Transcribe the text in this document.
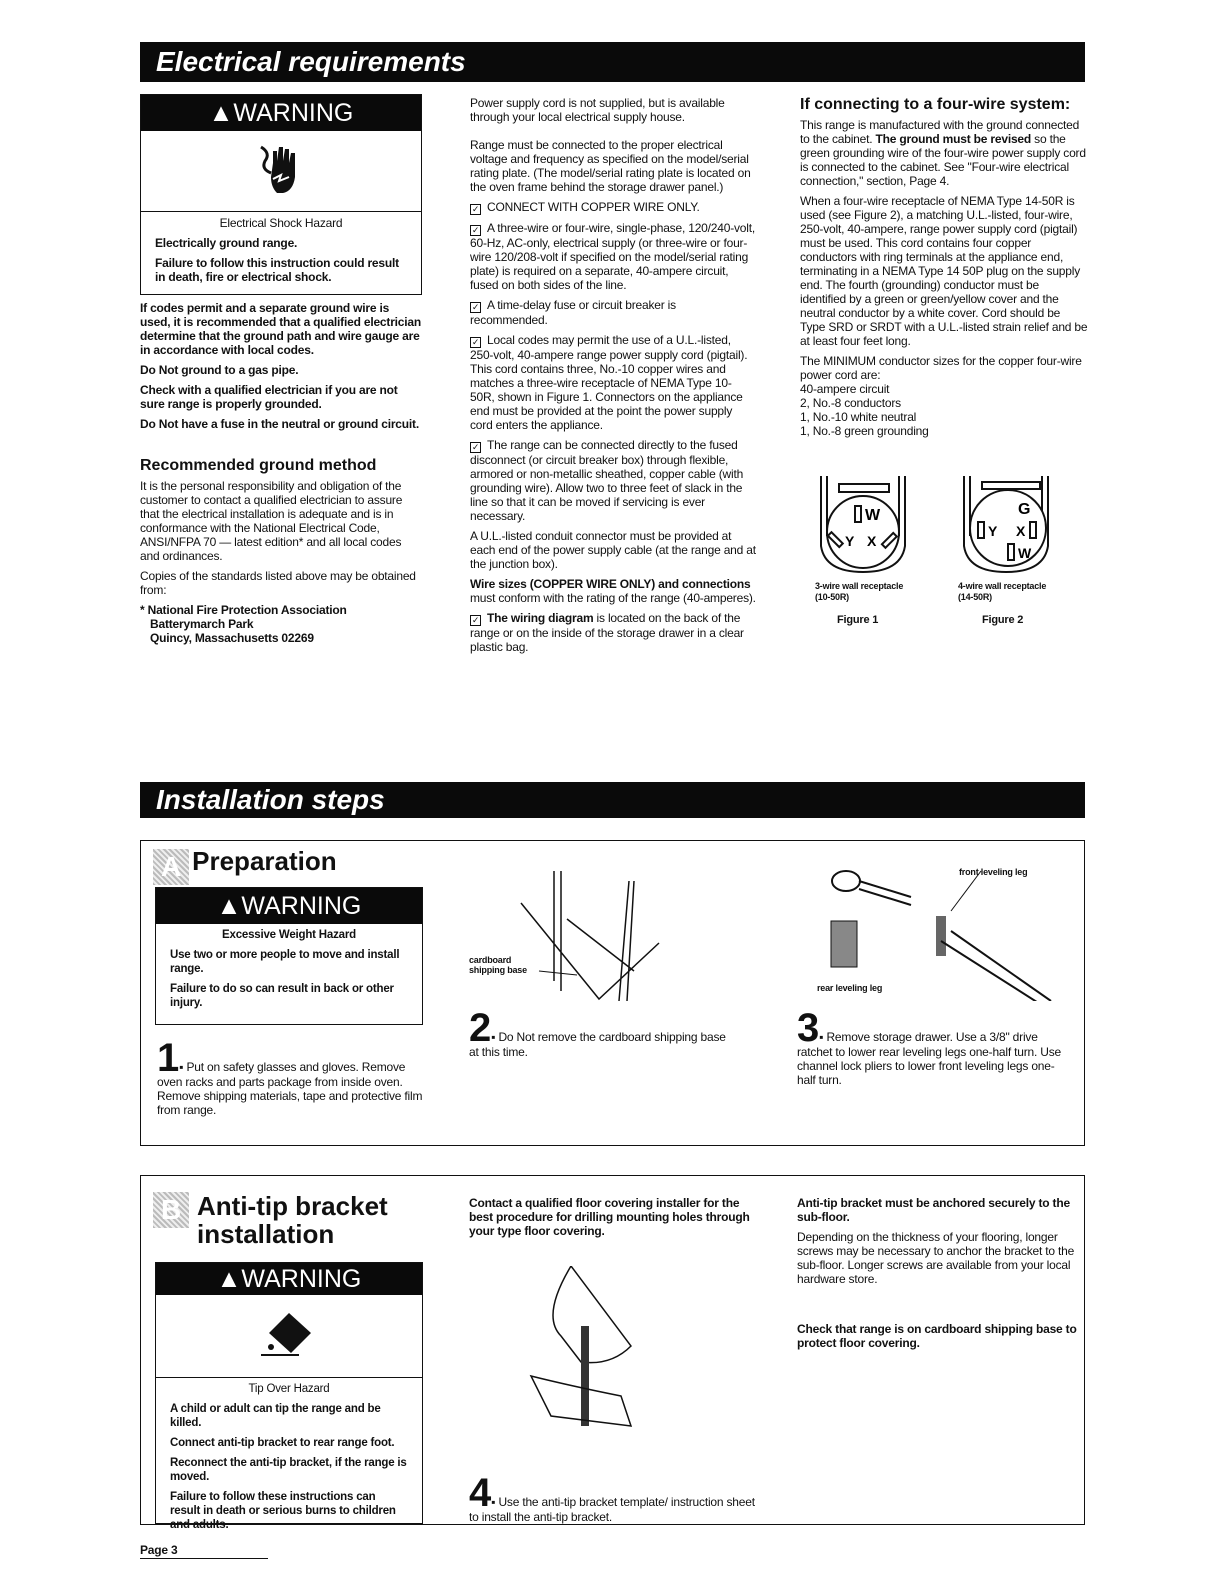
Electrical requirements
▲WARNING

Electrical Shock Hazard

Electrically ground range.

Failure to follow this instruction could result in death, fire or electrical shock.

If codes permit and a separate ground wire is used, it is recommended that a qualified electrician determine that the ground path and wire gauge are in accordance with local codes.

Do Not ground to a gas pipe.

Check with a qualified electrician if you are not sure range is properly grounded.

Do Not have a fuse in the neutral or ground circuit.

Recommended ground method

It is the personal responsibility and obligation of the customer to contact a qualified electrician to assure that the electrical installation is adequate and is in conformance with the National Electrical Code, ANSI/NFPA 70 — latest edition* and all local codes and ordinances.

Copies of the standards listed above may be obtained from:

* National Fire Protection Association
Batterymarch Park
Quincy, Massachusetts 02269

Power supply cord is not supplied, but is available through your local electrical supply house.

Range must be connected to the proper electrical voltage and frequency as specified on the model/serial rating plate. (The model/serial rating plate is located on the oven frame behind the storage drawer panel.)

✓ CONNECT WITH COPPER WIRE ONLY.

✓ A three-wire or four-wire, single-phase, 120/240-volt, 60-Hz, AC-only, electrical supply (or three-wire or four-wire 120/208-volt if specified on the model/serial rating plate) is required on a separate, 40-ampere circuit, fused on both sides of the line.

✓ A time-delay fuse or circuit breaker is recommended.

✓ Local codes may permit the use of a U.L.-listed, 250-volt, 40-ampere range power supply cord (pigtail). This cord contains three, No.-10 copper wires and matches a three-wire receptacle of NEMA Type 10-50R, shown in Figure 1. Connectors on the appliance end must be provided at the point the power supply cord enters the appliance.

✓ The range can be connected directly to the fused disconnect (or circuit breaker box) through flexible, armored or non-metallic sheathed, copper cable (with grounding wire). Allow two to three feet of slack in the line so that it can be moved if servicing is ever necessary.

A U.L.-listed conduit connector must be provided at each end of the power supply cable (at the range and at the junction box).

Wire sizes (COPPER WIRE ONLY) and connections must conform with the rating of the range (40-amperes).

✓ The wiring diagram is located on the back of the range or on the inside of the storage drawer in a clear plastic bag.

If connecting to a four-wire system:

This range is manufactured with the ground connected to the cabinet. The ground must be revised so the green grounding wire of the four-wire power supply cord is connected to the cabinet. See "Four-wire electrical connection," section, Page 4.

When a four-wire receptacle of NEMA Type 14-50R is used (see Figure 2), a matching U.L.-listed, four-wire, 250-volt, 40-ampere, range power supply cord (pigtail) must be used. This cord contains four copper conductors with ring terminals at the appliance end, terminating in a NEMA Type 14 50P plug on the supply end. The fourth (grounding) conductor must be identified by a green or green/yellow cover and the neutral conductor by a white cover. Cord should be Type SRD or SRDT with a U.L.-listed strain relief and be at least four feet long.

The MINIMUM conductor sizes for the copper four-wire power cord are:
40-ampere circuit
2, No.-8 conductors
1, No.-10 white neutral
1, No.-8 green grounding
W
Y X
3-wire wall receptacle (10-50R)
Figure 1
G
Y X
W
4-wire wall receptacle (14-50R)
Figure 2
Installation steps
A Preparation
▲WARNING

Excessive Weight Hazard

Use two or more people to move and install range.

Failure to do so can result in back or other injury.

1▪ Put on safety glasses and gloves. Remove oven racks and parts package from inside oven. Remove shipping materials, tape and protective film from range.
cardboard shipping base
2▪ Do Not remove the cardboard shipping base at this time.
front leveling leg
rear leveling leg
3▪ Remove storage drawer. Use a 3/8" drive ratchet to lower rear leveling legs one-half turn. Use channel lock pliers to lower front leveling legs one-half turn.
B Anti-tip bracket
installation
▲WARNING

Tip Over Hazard

A child or adult can tip the range and be killed.

Connect anti-tip bracket to rear range foot.

Reconnect the anti-tip bracket, if the range is moved.

Failure to follow these instructions can result in death or serious burns to children and adults.

Contact a qualified floor covering installer for the best procedure for drilling mounting holes through your type floor covering.
4▪ Use the anti-tip bracket template/ instruction sheet to install the anti-tip bracket.

Anti-tip bracket must be anchored securely to the sub-floor.

Depending on the thickness of your flooring, longer screws may be necessary to anchor the bracket to the sub-floor. Longer screws are available from your local hardware store.

Check that range is on cardboard shipping base to protect floor covering.

Page 3
